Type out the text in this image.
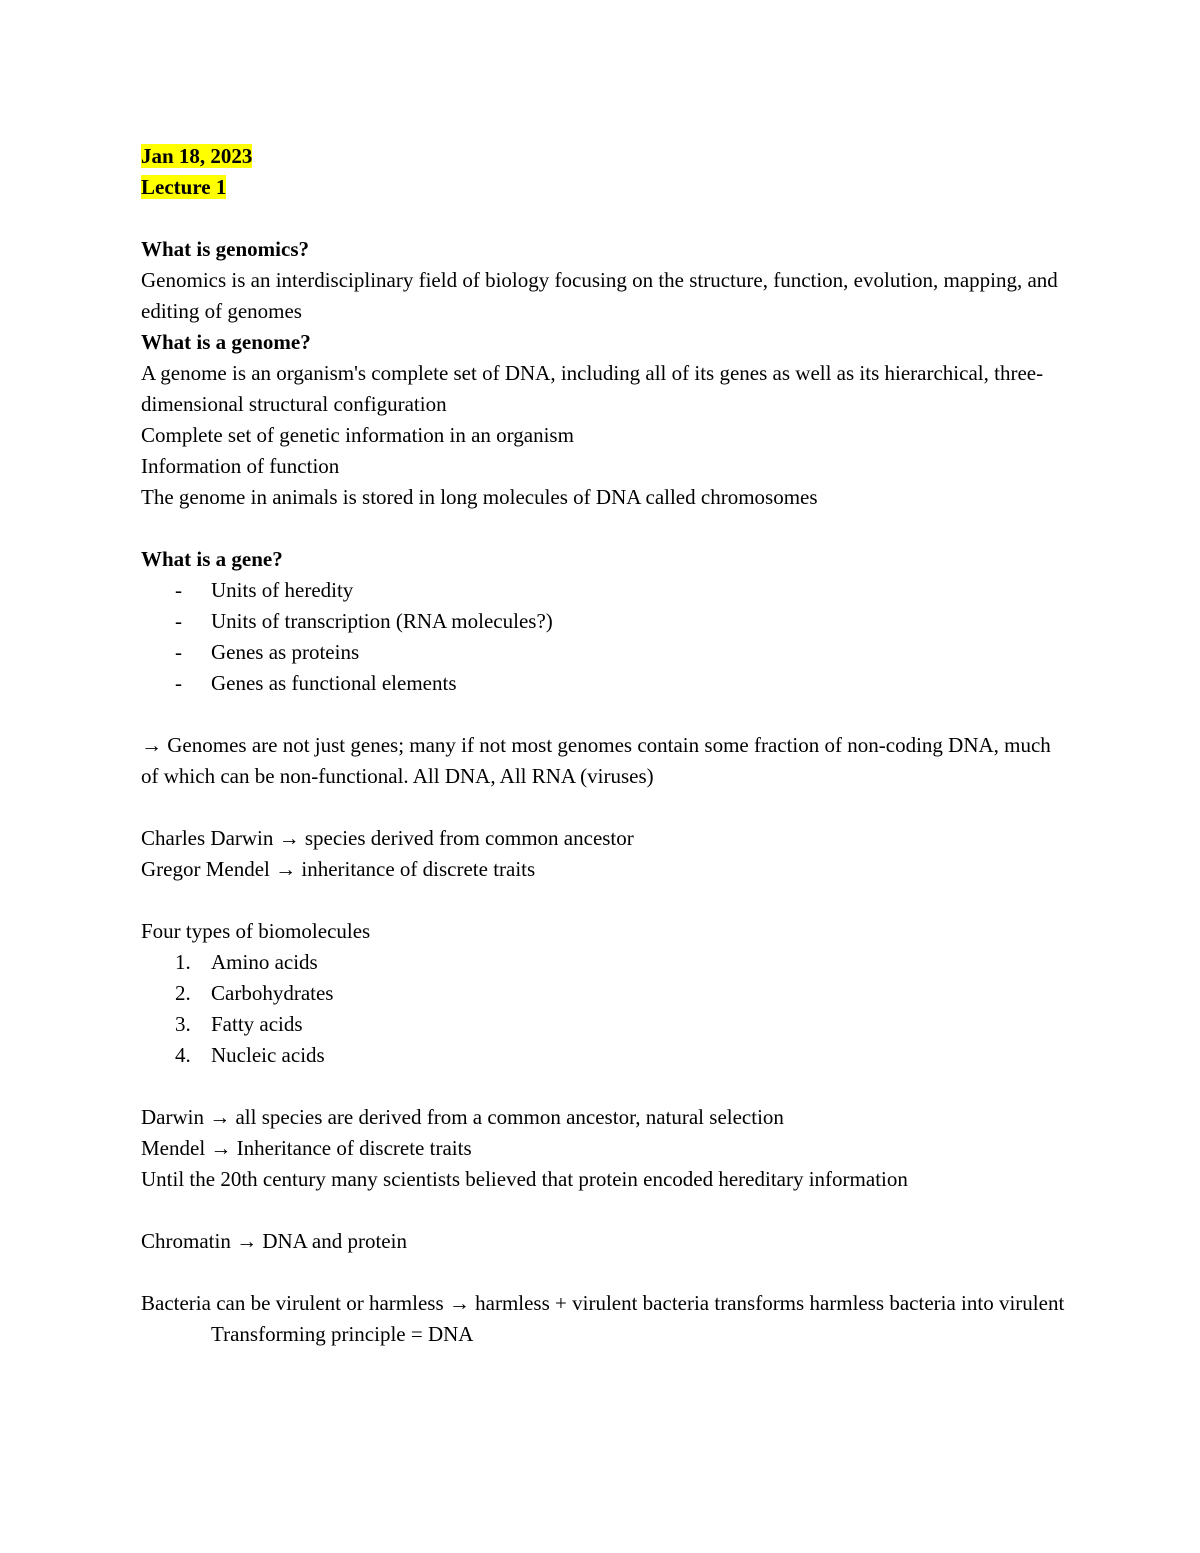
Jan 18, 2023
Lecture 1
What is genomics?
Genomics is an interdisciplinary field of biology focusing on the structure, function, evolution, mapping, and editing of genomes
What is a genome?
A genome is an organism's complete set of DNA, including all of its genes as well as its hierarchical, three-dimensional structural configuration
Complete set of genetic information in an organism
Information of function
The genome in animals is stored in long molecules of DNA called chromosomes
What is a gene?
- Units of heredity
- Units of transcription (RNA molecules?)
- Genes as proteins
- Genes as functional elements
→ Genomes are not just genes; many if not most genomes contain some fraction of non-coding DNA, much of which can be non-functional. All DNA, All RNA (viruses)
Charles Darwin → species derived from common ancestor
Gregor Mendel → inheritance of discrete traits
Four types of biomolecules
1. Amino acids
2. Carbohydrates
3. Fatty acids
4. Nucleic acids
Darwin → all species are derived from a common ancestor, natural selection
Mendel → Inheritance of discrete traits
Until the 20th century many scientists believed that protein encoded hereditary information
Chromatin → DNA and protein
Bacteria can be virulent or harmless → harmless + virulent bacteria transforms harmless bacteria into virulent
Transforming principle = DNA
